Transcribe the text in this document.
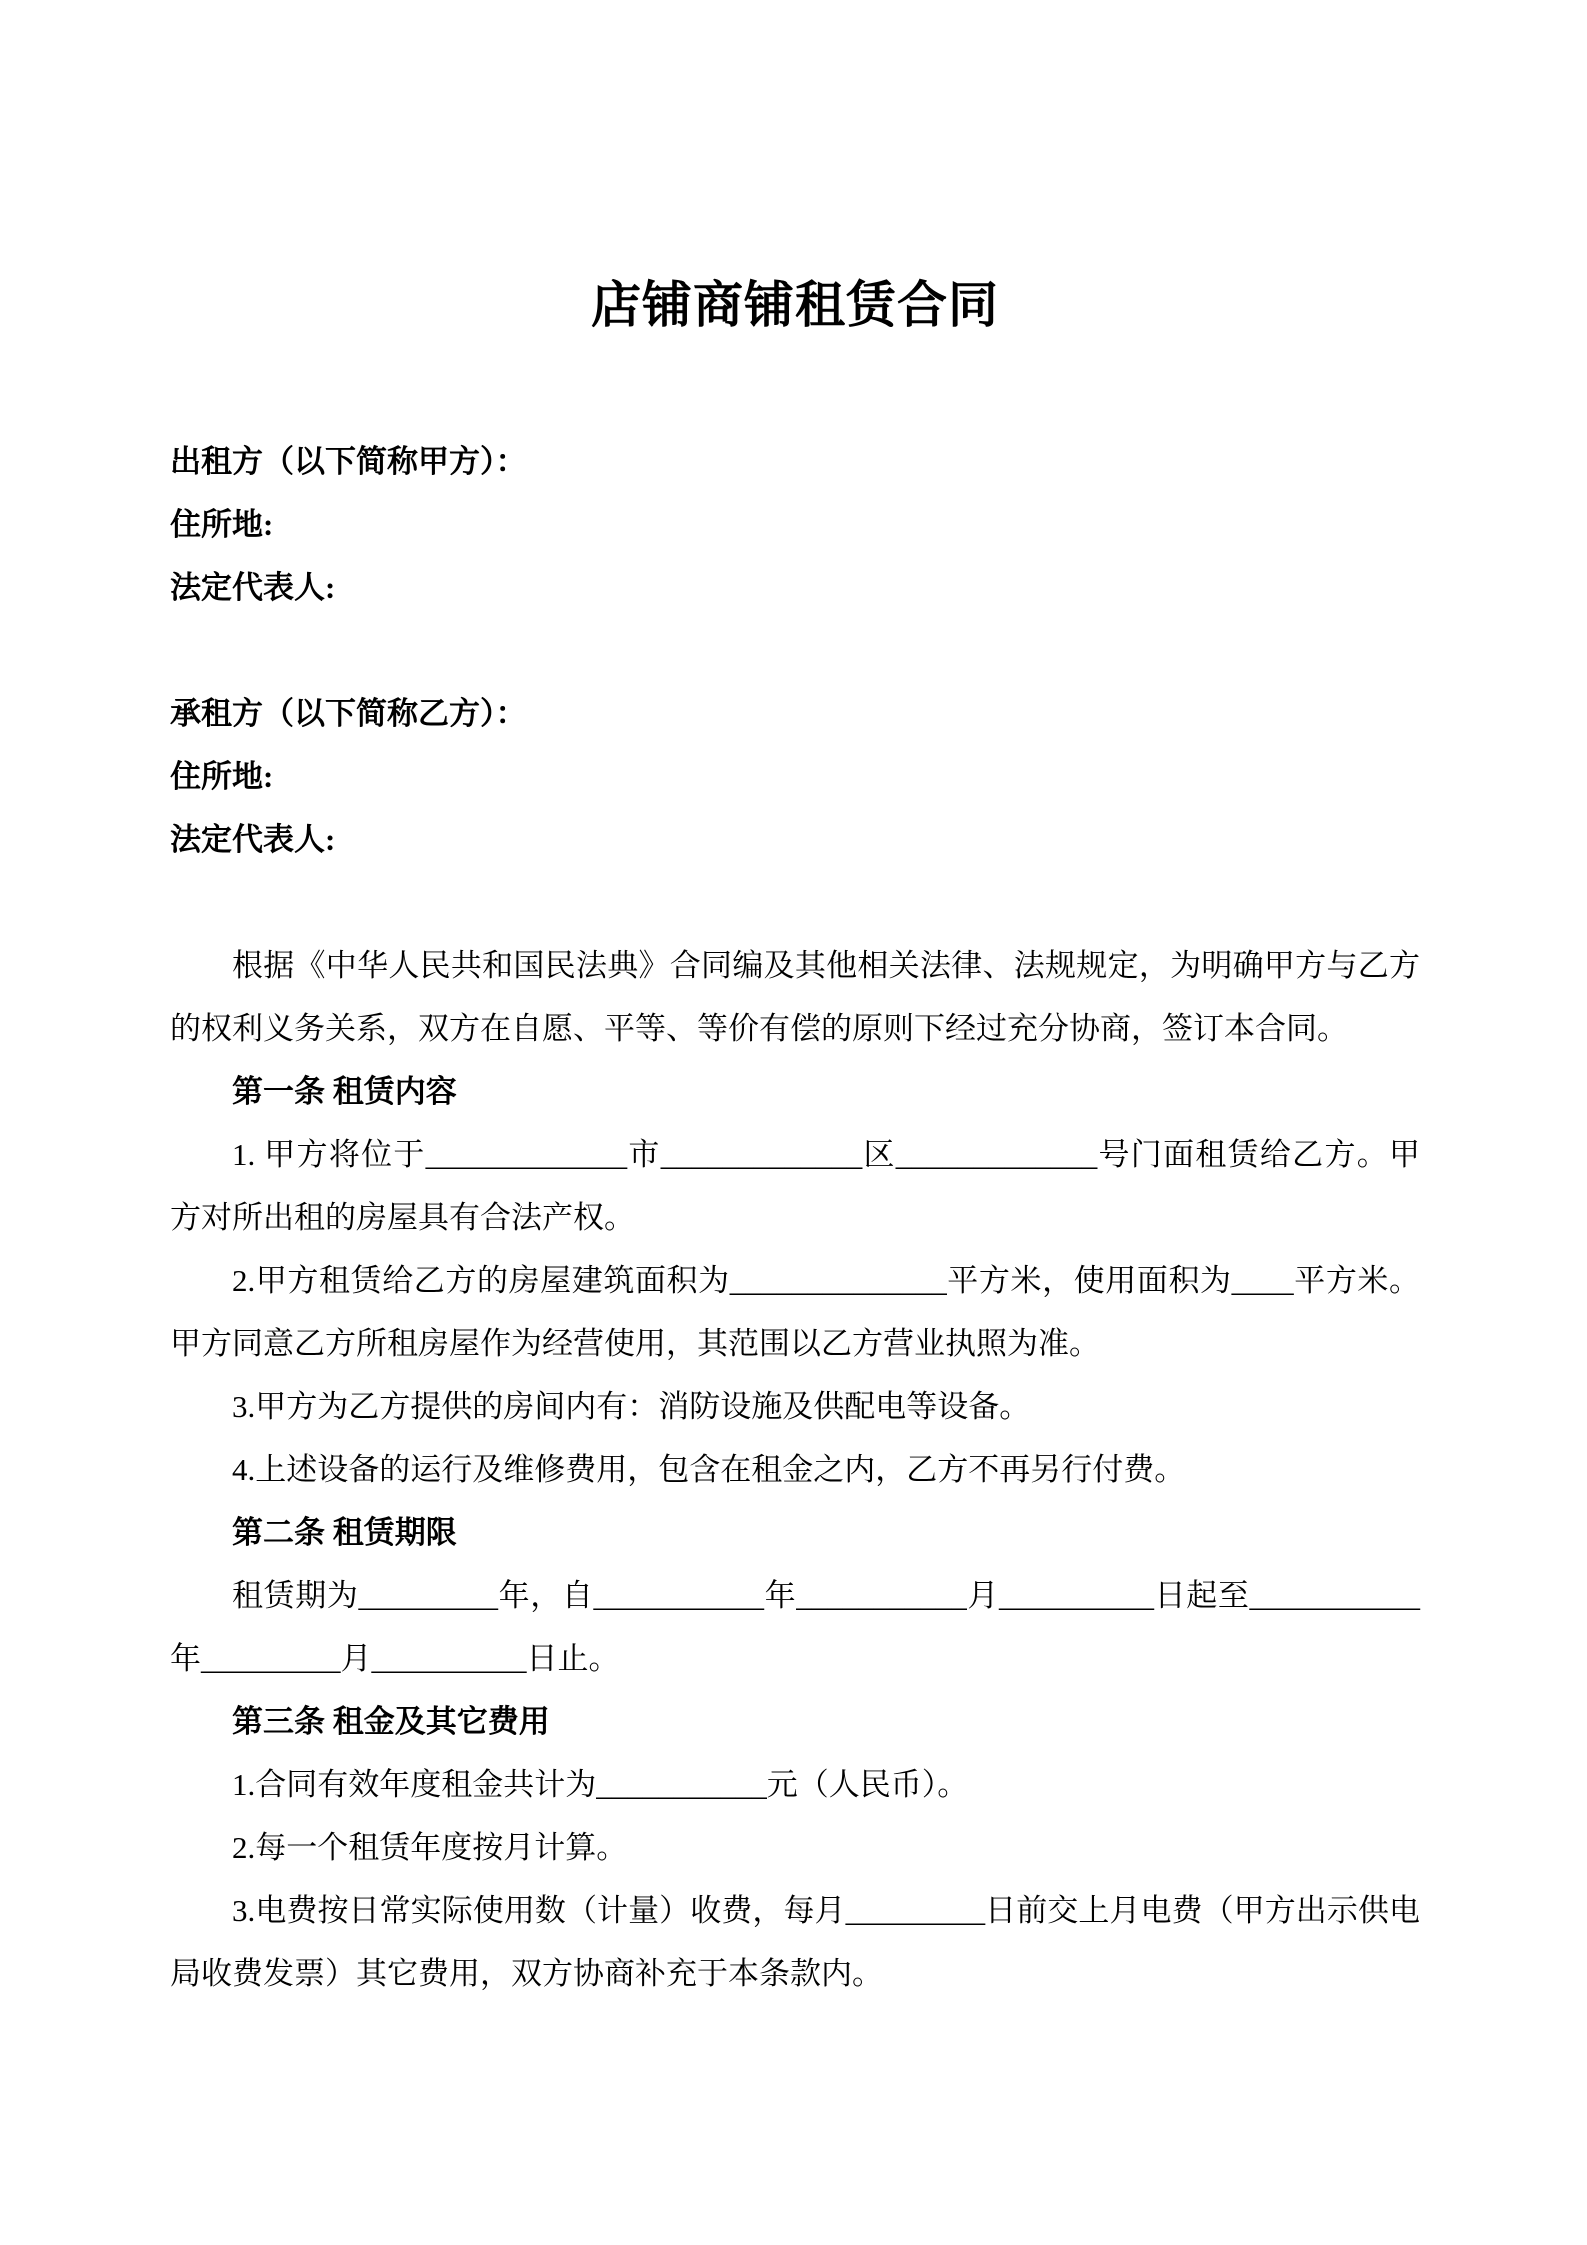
店铺商铺租赁合同

出租方（以下简称甲方）：

住所地:

法定代表人:

承租方（以下简称乙方）：

住所地:

法定代表人:

根据《中华人民共和国民法典》合同编及其他相关法律、法规规定，为明确甲方与乙方的权利义务关系，双方在自愿、平等、等价有偿的原则下经过充分协商，签订本合同。

第一条 租赁内容

1. 甲方将位于_____________市_____________区_____________号门面租赁给乙方。甲方对所出租的房屋具有合法产权。

2.甲方租赁给乙方的房屋建筑面积为______________平方米，使用面积为____平方米。甲方同意乙方所租房屋作为经营使用，其范围以乙方营业执照为准。

3.甲方为乙方提供的房间内有：消防设施及供配电等设备。

4.上述设备的运行及维修费用，包含在租金之内，乙方不再另行付费。

第二条 租赁期限

租赁期为_________年，自___________年___________月__________日起至___________年_________月__________日止。

第三条 租金及其它费用

1.合同有效年度租金共计为___________元（人民币）。

2.每一个租赁年度按月计算。

3.电费按日常实际使用数（计量）收费，每月_________日前交上月电费（甲方出示供电局收费发票）其它费用，双方协商补充于本条款内。
